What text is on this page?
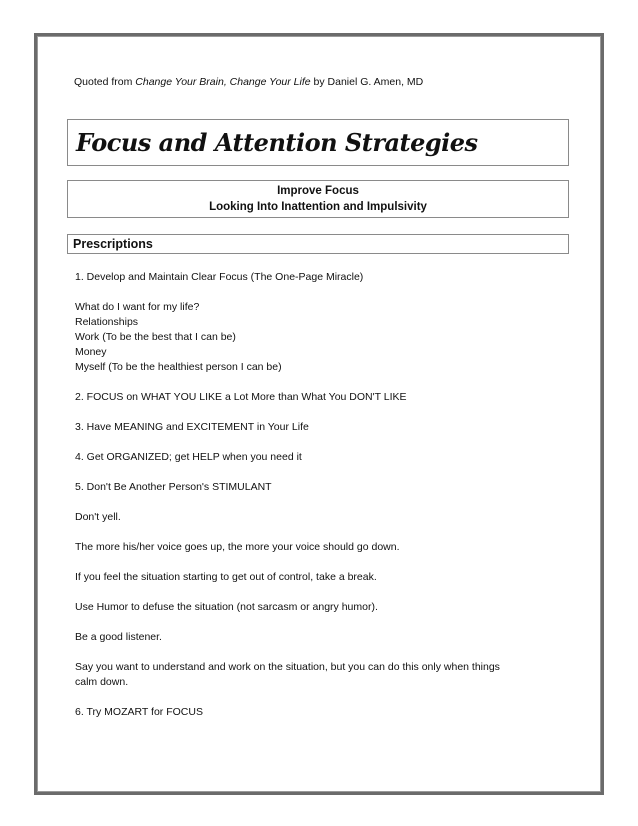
Quoted from Change Your Brain, Change Your Life by Daniel G. Amen, MD
Focus and Attention Strategies
Improve Focus
Looking Into Inattention and Impulsivity
Prescriptions

1. Develop and Maintain Clear Focus (The One-Page Miracle)

What do I want for my life?
Relationships
Work (To be the best that I can be)
Money
Myself (To be the healthiest person I can be)

2. FOCUS on WHAT YOU LIKE a Lot More than What You DON'T LIKE

3. Have MEANING and EXCITEMENT in Your Life

4. Get ORGANIZED; get HELP when you need it

5. Don't Be Another Person's STIMULANT

Don't yell.

The more his/her voice goes up, the more your voice should go down.

If you feel the situation starting to get out of control, take a break.

Use Humor to defuse the situation (not sarcasm or angry humor).

Be a good listener.

Say you want to understand and work on the situation, but you can do this only when things
calm down.

6. Try MOZART for FOCUS
